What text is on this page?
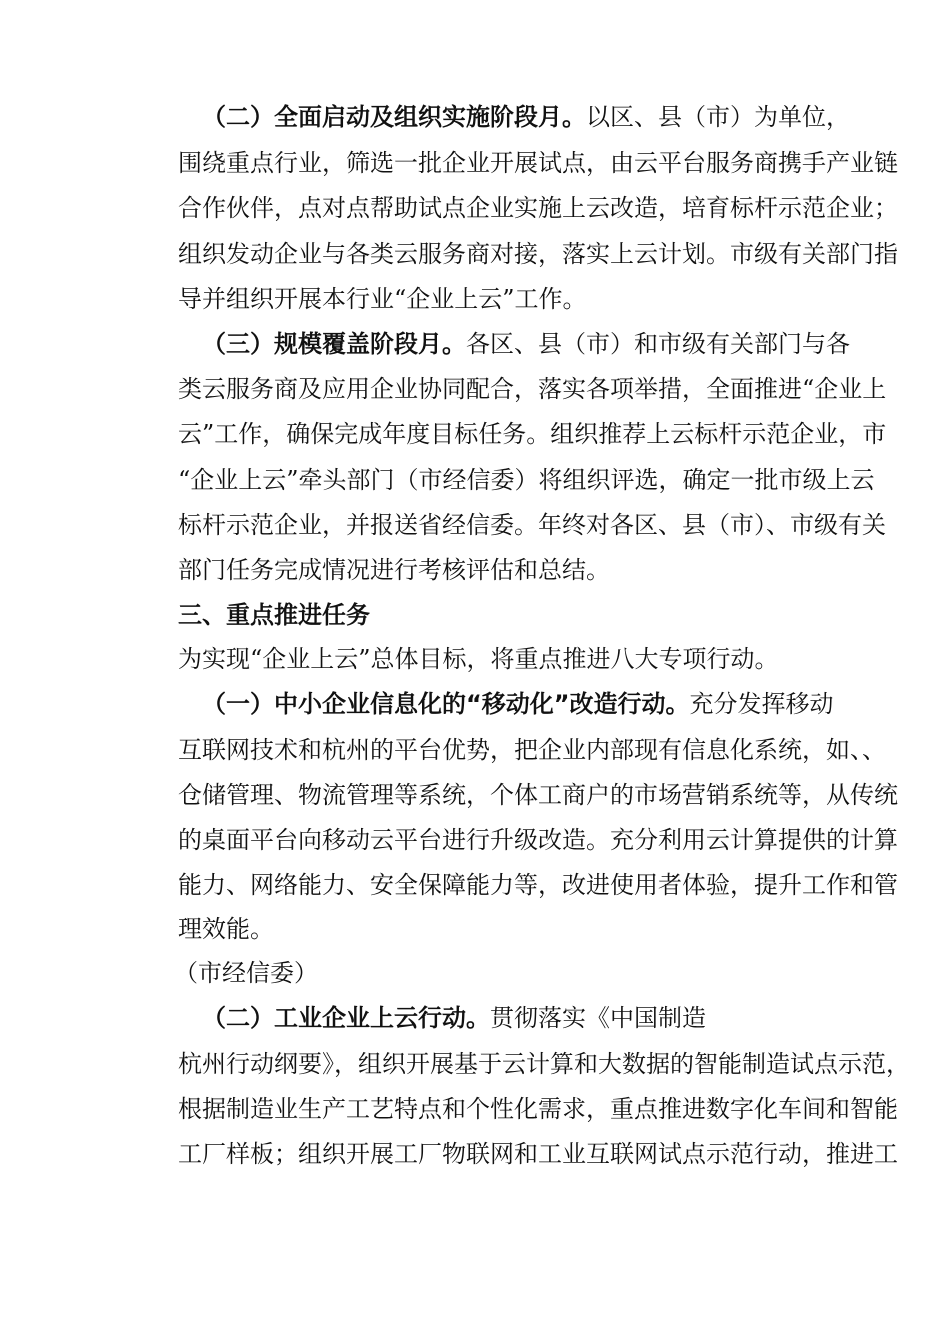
（二）全面启动及组织实施阶段月。以区、县（市）为单位，
围绕重点行业，筛选一批企业开展试点，由云平台服务商携手产业链
合作伙伴，点对点帮助试点企业实施上云改造，培育标杆示范企业；
组织发动企业与各类云服务商对接，落实上云计划。市级有关部门指
导并组织开展本行业“企业上云”工作。
（三）规模覆盖阶段月。各区、县（市）和市级有关部门与各
类云服务商及应用企业协同配合，落实各项举措，全面推进“企业上
云”工作，确保完成年度目标任务。组织推荐上云标杆示范企业，市
“企业上云”牵头部门（市经信委）将组织评选，确定一批市级上云
标杆示范企业，并报送省经信委。年终对各区、县（市）、市级有关
部门任务完成情况进行考核评估和总结。
三、重点推进任务
为实现“企业上云”总体目标，将重点推进八大专项行动。
（一）中小企业信息化的“移动化”改造行动。充分发挥移动
互联网技术和杭州的平台优势，把企业内部现有信息化系统，如、、
仓储管理、物流管理等系统，个体工商户的市场营销系统等，从传统
的桌面平台向移动云平台进行升级改造。充分利用云计算提供的计算
能力、网络能力、安全保障能力等，改进使用者体验，提升工作和管
理效能。
（市经信委）
（二）工业企业上云行动。贯彻落实《中国制造
杭州行动纲要》，组织开展基于云计算和大数据的智能制造试点示范，
根据制造业生产工艺特点和个性化需求，重点推进数字化车间和智能
工厂样板；组织开展工厂物联网和工业互联网试点示范行动，推进工
